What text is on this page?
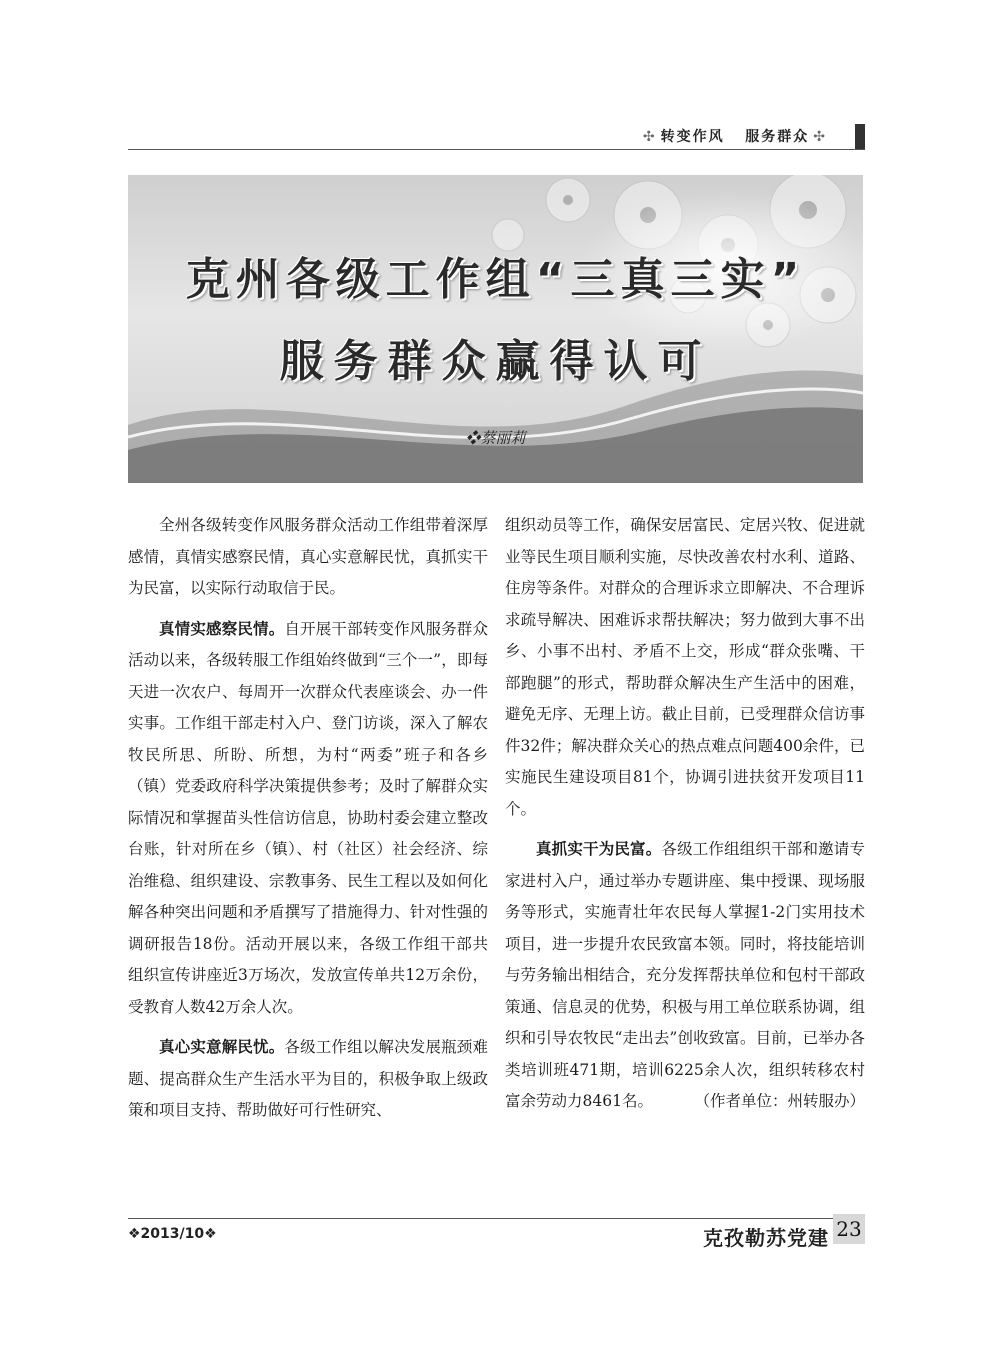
✣ 转变作风 服务群众 ✣
克州各级工作组“三真三实”
服务群众赢得认可
❖蔡丽莉

全州各级转变作风服务群众活动工作组带着深厚感情，真情实感察民情，真心实意解民忧，真抓实干为民富，以实际行动取信于民。

真情实感察民情。自开展干部转变作风服务群众活动以来，各级转服工作组始终做到“三个一”，即每天进一次农户、每周开一次群众代表座谈会、办一件实事。工作组干部走村入户、登门访谈，深入了解农牧民所思、所盼、所想，为村“两委”班子和各乡（镇）党委政府科学决策提供参考；及时了解群众实际情况和掌握苗头性信访信息，协助村委会建立整改台账，针对所在乡（镇）、村（社区）社会经济、综治维稳、组织建设、宗教事务、民生工程以及如何化解各种突出问题和矛盾撰写了措施得力、针对性强的调研报告18份。活动开展以来，各级工作组干部共组织宣传讲座近3万场次，发放宣传单共12万余份，受教育人数42万余人次。

真心实意解民忧。各级工作组以解决发展瓶颈难题、提高群众生产生活水平为目的，积极争取上级政策和项目支持、帮助做好可行性研究、

组织动员等工作，确保安居富民、定居兴牧、促进就业等民生项目顺利实施，尽快改善农村水利、道路、住房等条件。对群众的合理诉求立即解决、不合理诉求疏导解决、困难诉求帮扶解决；努力做到大事不出乡、小事不出村、矛盾不上交，形成“群众张嘴、干部跑腿”的形式，帮助群众解决生产生活中的困难，避免无序、无理上访。截止目前，已受理群众信访事件32件；解决群众关心的热点难点问题400余件，已实施民生建设项目81个，协调引进扶贫开发项目11个。

真抓实干为民富。各级工作组组织干部和邀请专家进村入户，通过举办专题讲座、集中授课、现场服务等形式，实施青壮年农民每人掌握1-2门实用技术项目，进一步提升农民致富本领。同时，将技能培训与劳务输出相结合，充分发挥帮扶单位和包村干部政策通、信息灵的优势，积极与用工单位联系协调，组织和引导农牧民“走出去”创收致富。目前，已举办各类培训班471期，培训6225余人次，组织转移农村富余劳动力8461名。	（作者单位：州转服办）

❖2013/10❖	克孜勒苏党建 23
